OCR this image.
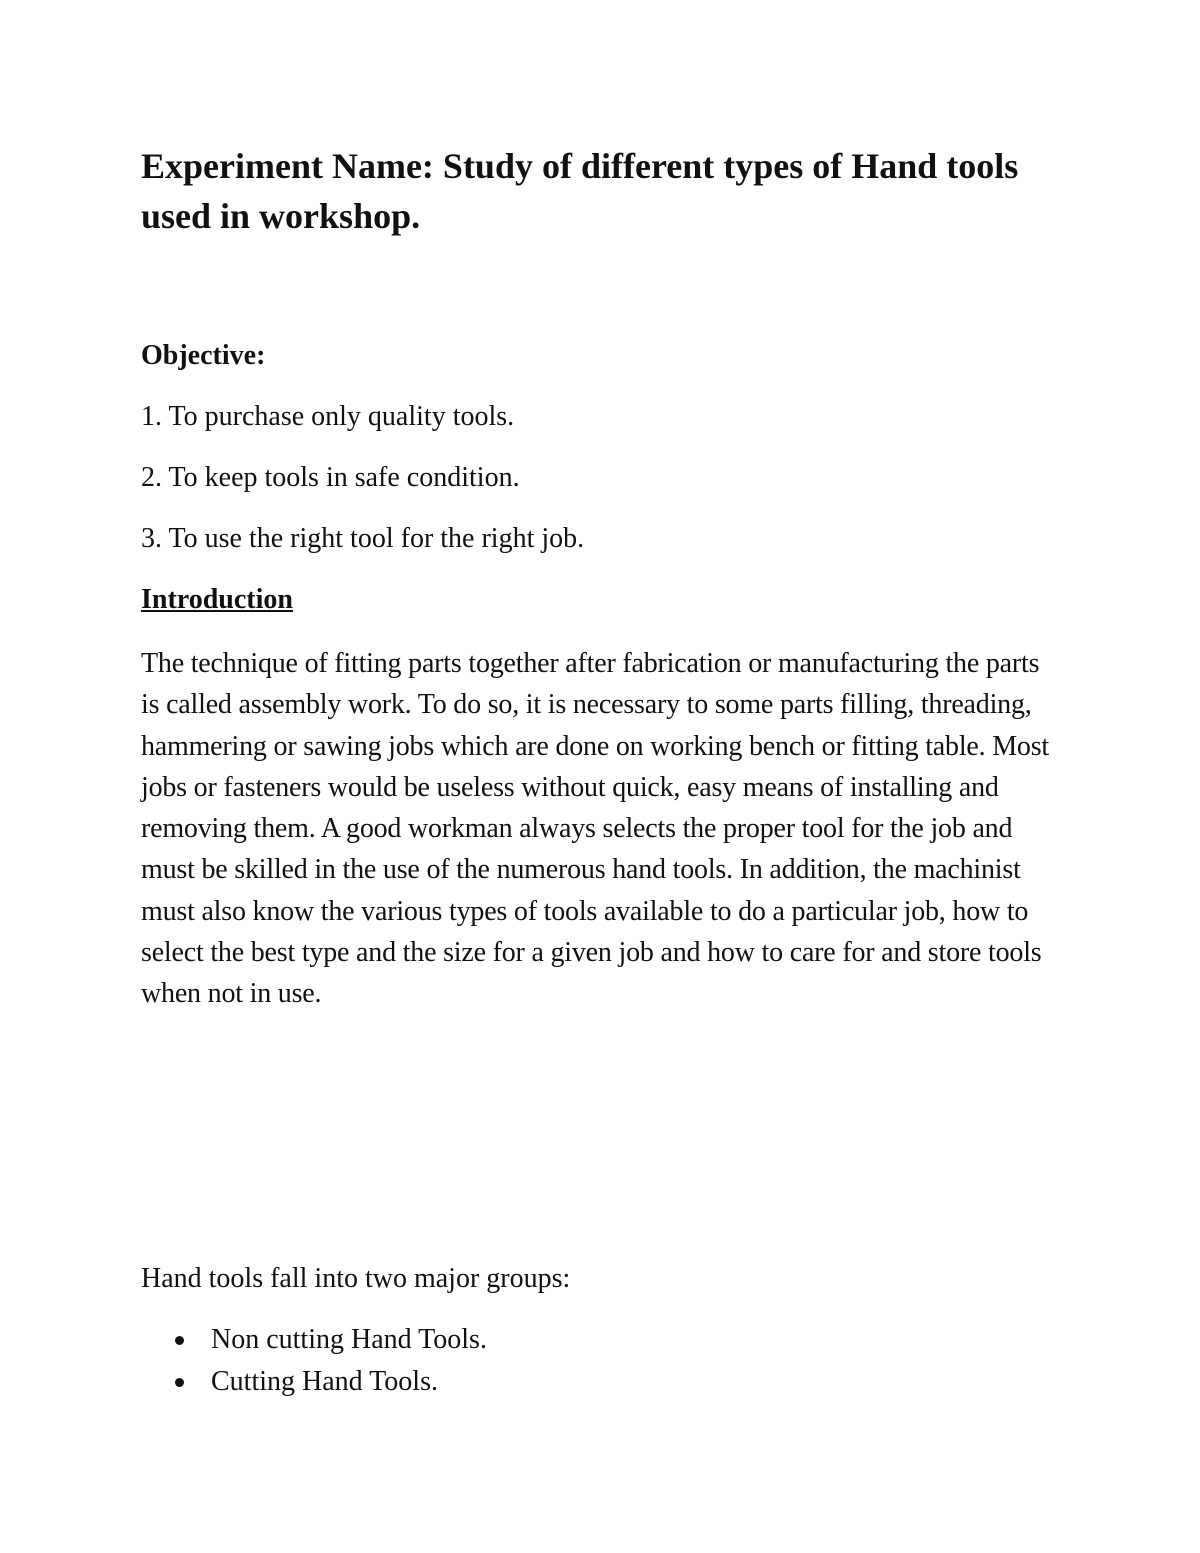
Experiment Name: Study of different types of Hand tools used in workshop.

Objective:

1. To purchase only quality tools.

2. To keep tools in safe condition.

3. To use the right tool for the right job.

Introduction

The technique of fitting parts together after fabrication or manufacturing the parts is called assembly work. To do so, it is necessary to some parts filling, threading, hammering or sawing jobs which are done on working bench or fitting table. Most jobs or fasteners would be useless without quick, easy means of installing and removing them. A good workman always selects the proper tool for the job and must be skilled in the use of the numerous hand tools. In addition, the machinist must also know the various types of tools available to do a particular job, how to select the best type and the size for a given job and how to care for and store tools when not in use.

Hand tools fall into two major groups:

Non cutting Hand Tools.
Cutting Hand Tools.
